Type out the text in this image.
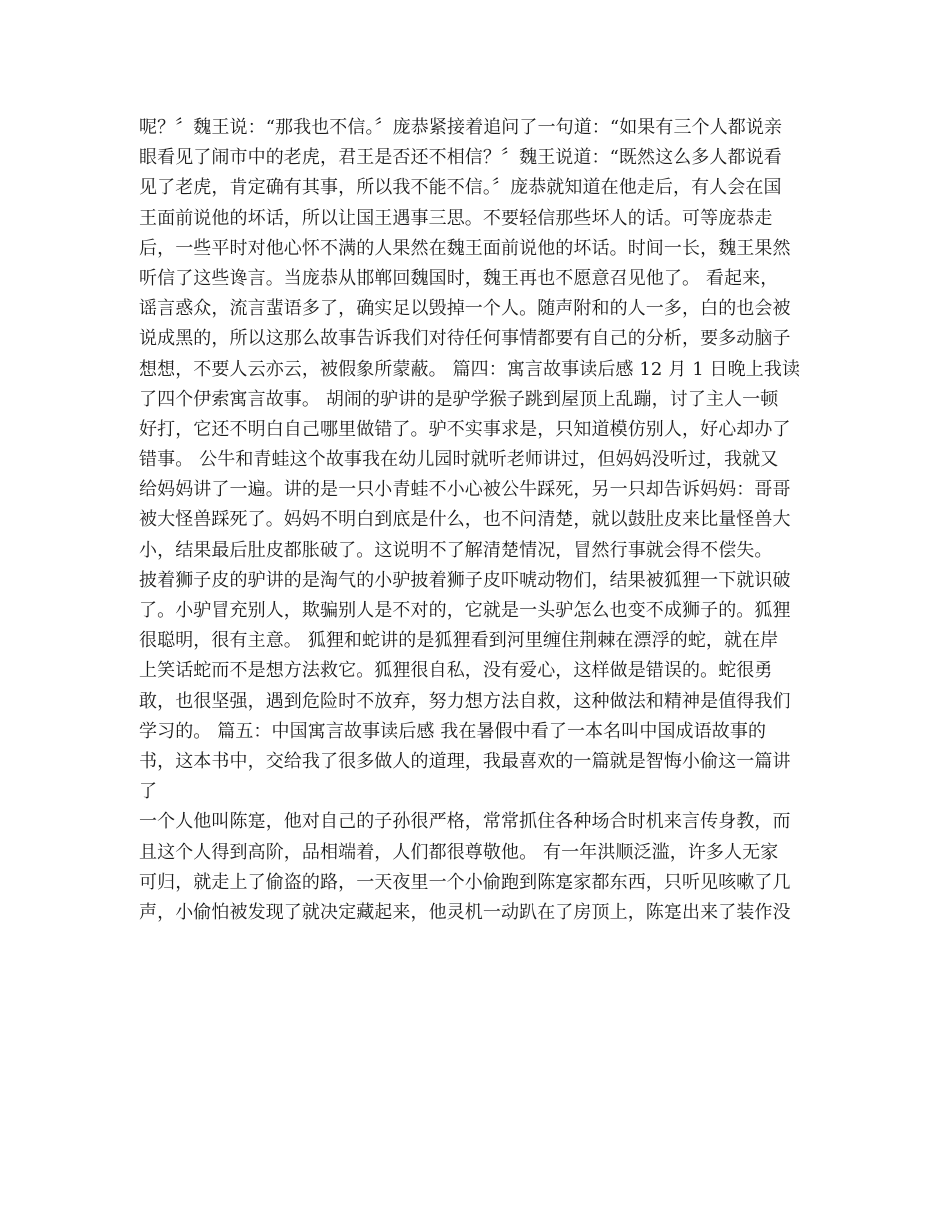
呢？〞魏王说：“那我也不信。〞庞恭紧接着追问了一句道：“如果有三个人都说亲
眼看见了闹市中的老虎，君王是否还不相信？〞魏王说道：“既然这么多人都说看
见了老虎，肯定确有其事，所以我不能不信。〞庞恭就知道在他走后，有人会在国
王面前说他的坏话，所以让国王遇事三思。不要轻信那些坏人的话。可等庞恭走
后，一些平时对他心怀不满的人果然在魏王面前说他的坏话。时间一长，魏王果然
听信了这些谗言。当庞恭从邯郸回魏国时，魏王再也不愿意召见他了。 看起来，
谣言惑众，流言蜚语多了，确实足以毁掉一个人。随声附和的人一多，白的也会被
说成黑的，所以这那么故事告诉我们对待任何事情都要有自己的分析，要多动脑子
想想，不要人云亦云，被假象所蒙蔽。 篇四：寓言故事读后感 12 月 1 日晚上我读
了四个伊索寓言故事。 胡闹的驴讲的是驴学猴子跳到屋顶上乱蹦，讨了主人一顿
好打，它还不明白自己哪里做错了。驴不实事求是，只知道模仿别人，好心却办了
错事。 公牛和青蛙这个故事我在幼儿园时就听老师讲过，但妈妈没听过，我就又
给妈妈讲了一遍。讲的是一只小青蛙不小心被公牛踩死，另一只却告诉妈妈：哥哥
被大怪兽踩死了。妈妈不明白到底是什么，也不问清楚，就以鼓肚皮来比量怪兽大
小，结果最后肚皮都胀破了。这说明不了解清楚情况，冒然行事就会得不偿失。
披着狮子皮的驴讲的是淘气的小驴披着狮子皮吓唬动物们，结果被狐狸一下就识破
了。小驴冒充别人，欺骗别人是不对的，它就是一头驴怎么也变不成狮子的。狐狸
很聪明，很有主意。 狐狸和蛇讲的是狐狸看到河里缠住荆棘在漂浮的蛇，就在岸
上笑话蛇而不是想方法救它。狐狸很自私，没有爱心，这样做是错误的。蛇很勇
敢，也很坚强，遇到危险时不放弃，努力想方法自救，这种做法和精神是值得我们
学习的。 篇五：中国寓言故事读后感 我在暑假中看了一本名叫中国成语故事的
书，这本书中，交给我了很多做人的道理，我最喜欢的一篇就是智悔小偷这一篇讲
了
一个人他叫陈寔，他对自己的子孙很严格，常常抓住各种场合时机来言传身教，而
且这个人得到高阶，品相端着，人们都很尊敬他。 有一年洪顺泛滥，许多人无家
可归，就走上了偷盗的路，一天夜里一个小偷跑到陈寔家都东西，只听见咳嗽了几
声，小偷怕被发现了就决定藏起来，他灵机一动趴在了房顶上，陈寔出来了装作没
